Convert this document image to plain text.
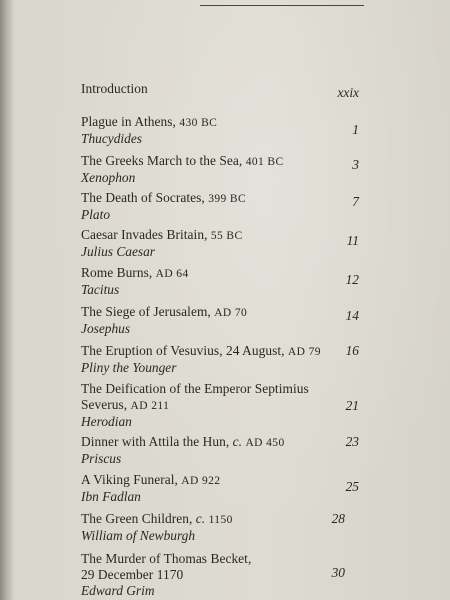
Introduction	xxix
Plague in Athens, 430 BC
Thucydides
1
The Greeks March to the Sea, 401 BC
Xenophon
3
The Death of Socrates, 399 BC
Plato
7
Caesar Invades Britain, 55 BC
Julius Caesar
11
Rome Burns, AD 64
Tacitus
12
The Siege of Jerusalem, AD 70
Josephus
14
The Eruption of Vesuvius, 24 August, AD 79
Pliny the Younger
16
The Deification of the Emperor Septimius
Severus, AD 211
Herodian
21
Dinner with Attila the Hun, c. AD 450
Priscus
23
A Viking Funeral, AD 922
Ibn Fadlan
25
The Green Children, c. 1150
William of Newburgh
28
The Murder of Thomas Becket,
29 December 1170
Edward Grim
30
